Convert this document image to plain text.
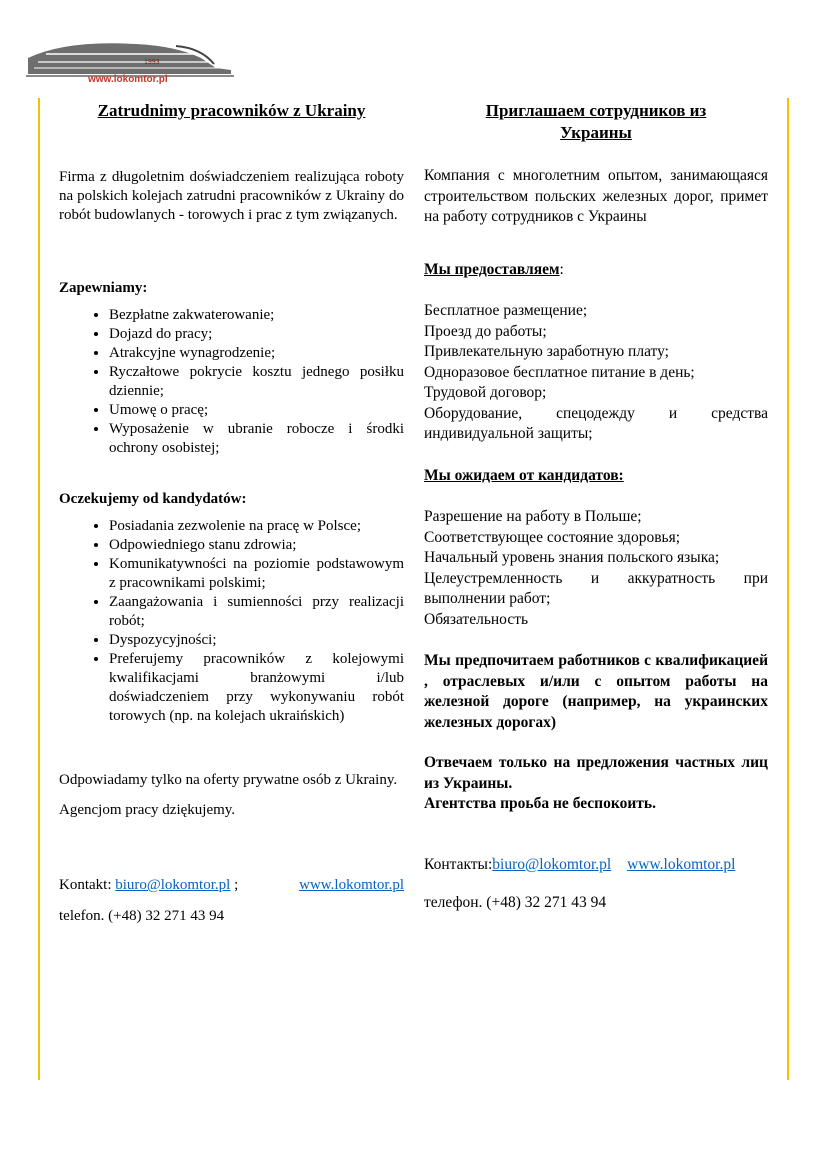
1993
www.lokomtor.pl

Zatrudnimy pracowników z Ukrainy

Firma z długoletnim doświadczeniem realizująca roboty na polskich kolejach zatrudni pracowników z Ukrainy do robót budowlanych - torowych i prac z tym związanych.

Zapewniamy:

• Bezpłatne zakwaterowanie;
• Dojazd do pracy;
• Atrakcyjne wynagrodzenie;
• Ryczałtowe pokrycie kosztu jednego posiłku dziennie;
• Umowę o pracę;
• Wyposażenie w ubranie robocze i środki ochrony osobistej;

Oczekujemy od kandydatów:

• Posiadania zezwolenie na pracę w Polsce;
• Odpowiedniego stanu zdrowia;
• Komunikatywności na poziomie podstawowym z pracownikami polskimi;
• Zaangażowania i sumienności przy realizacji robót;
• Dyspozycyjności;
• Preferujemy pracowników z kolejowymi kwalifikacjami branżowymi i/lub doświadczeniem przy wykonywaniu robót torowych (np. na kolejach ukraińskich)

Odpowiadamy tylko na oferty prywatne osób z Ukrainy.

Agencjom pracy dziękujemy.

Kontakt: biuro@lokomtor.pl ;	www.lokomtor.pl

telefon. (+48) 32 271 43 94

Приглашаем сотрудников из

Украины

Компания с многолетним опытом, занимающаяся строительством польских железных дорог, примет на работу сотрудников с Украины

Мы предоставляем:

Бесплатное размещение;

Проезд до работы;

Привлекательную заработную плату;

Одноразовое бесплатное питание в день;

Трудовой договор;

Оборудование, спецодежду и средства индивидуальной защиты;

Мы ожидаем от кандидатов:

Разрешение на работу в Польше;

Соответствующее состояние здоровья;

Начальный уровень знания польского языка;

Целеустремленность и аккуратность при выполнении работ;

Обязательность

Мы предпочитаем работников с квалификацией , отраслевых и/или с опытом работы на железной дороге (например, на украинских железных дорогах)

Отвечаем только на предложения частных лиц из Украины.

Агентства проьба не беспокоить.

Контакты:biuro@lokomtor.pl www.lokomtor.pl

телефон. (+48) 32 271 43 94
